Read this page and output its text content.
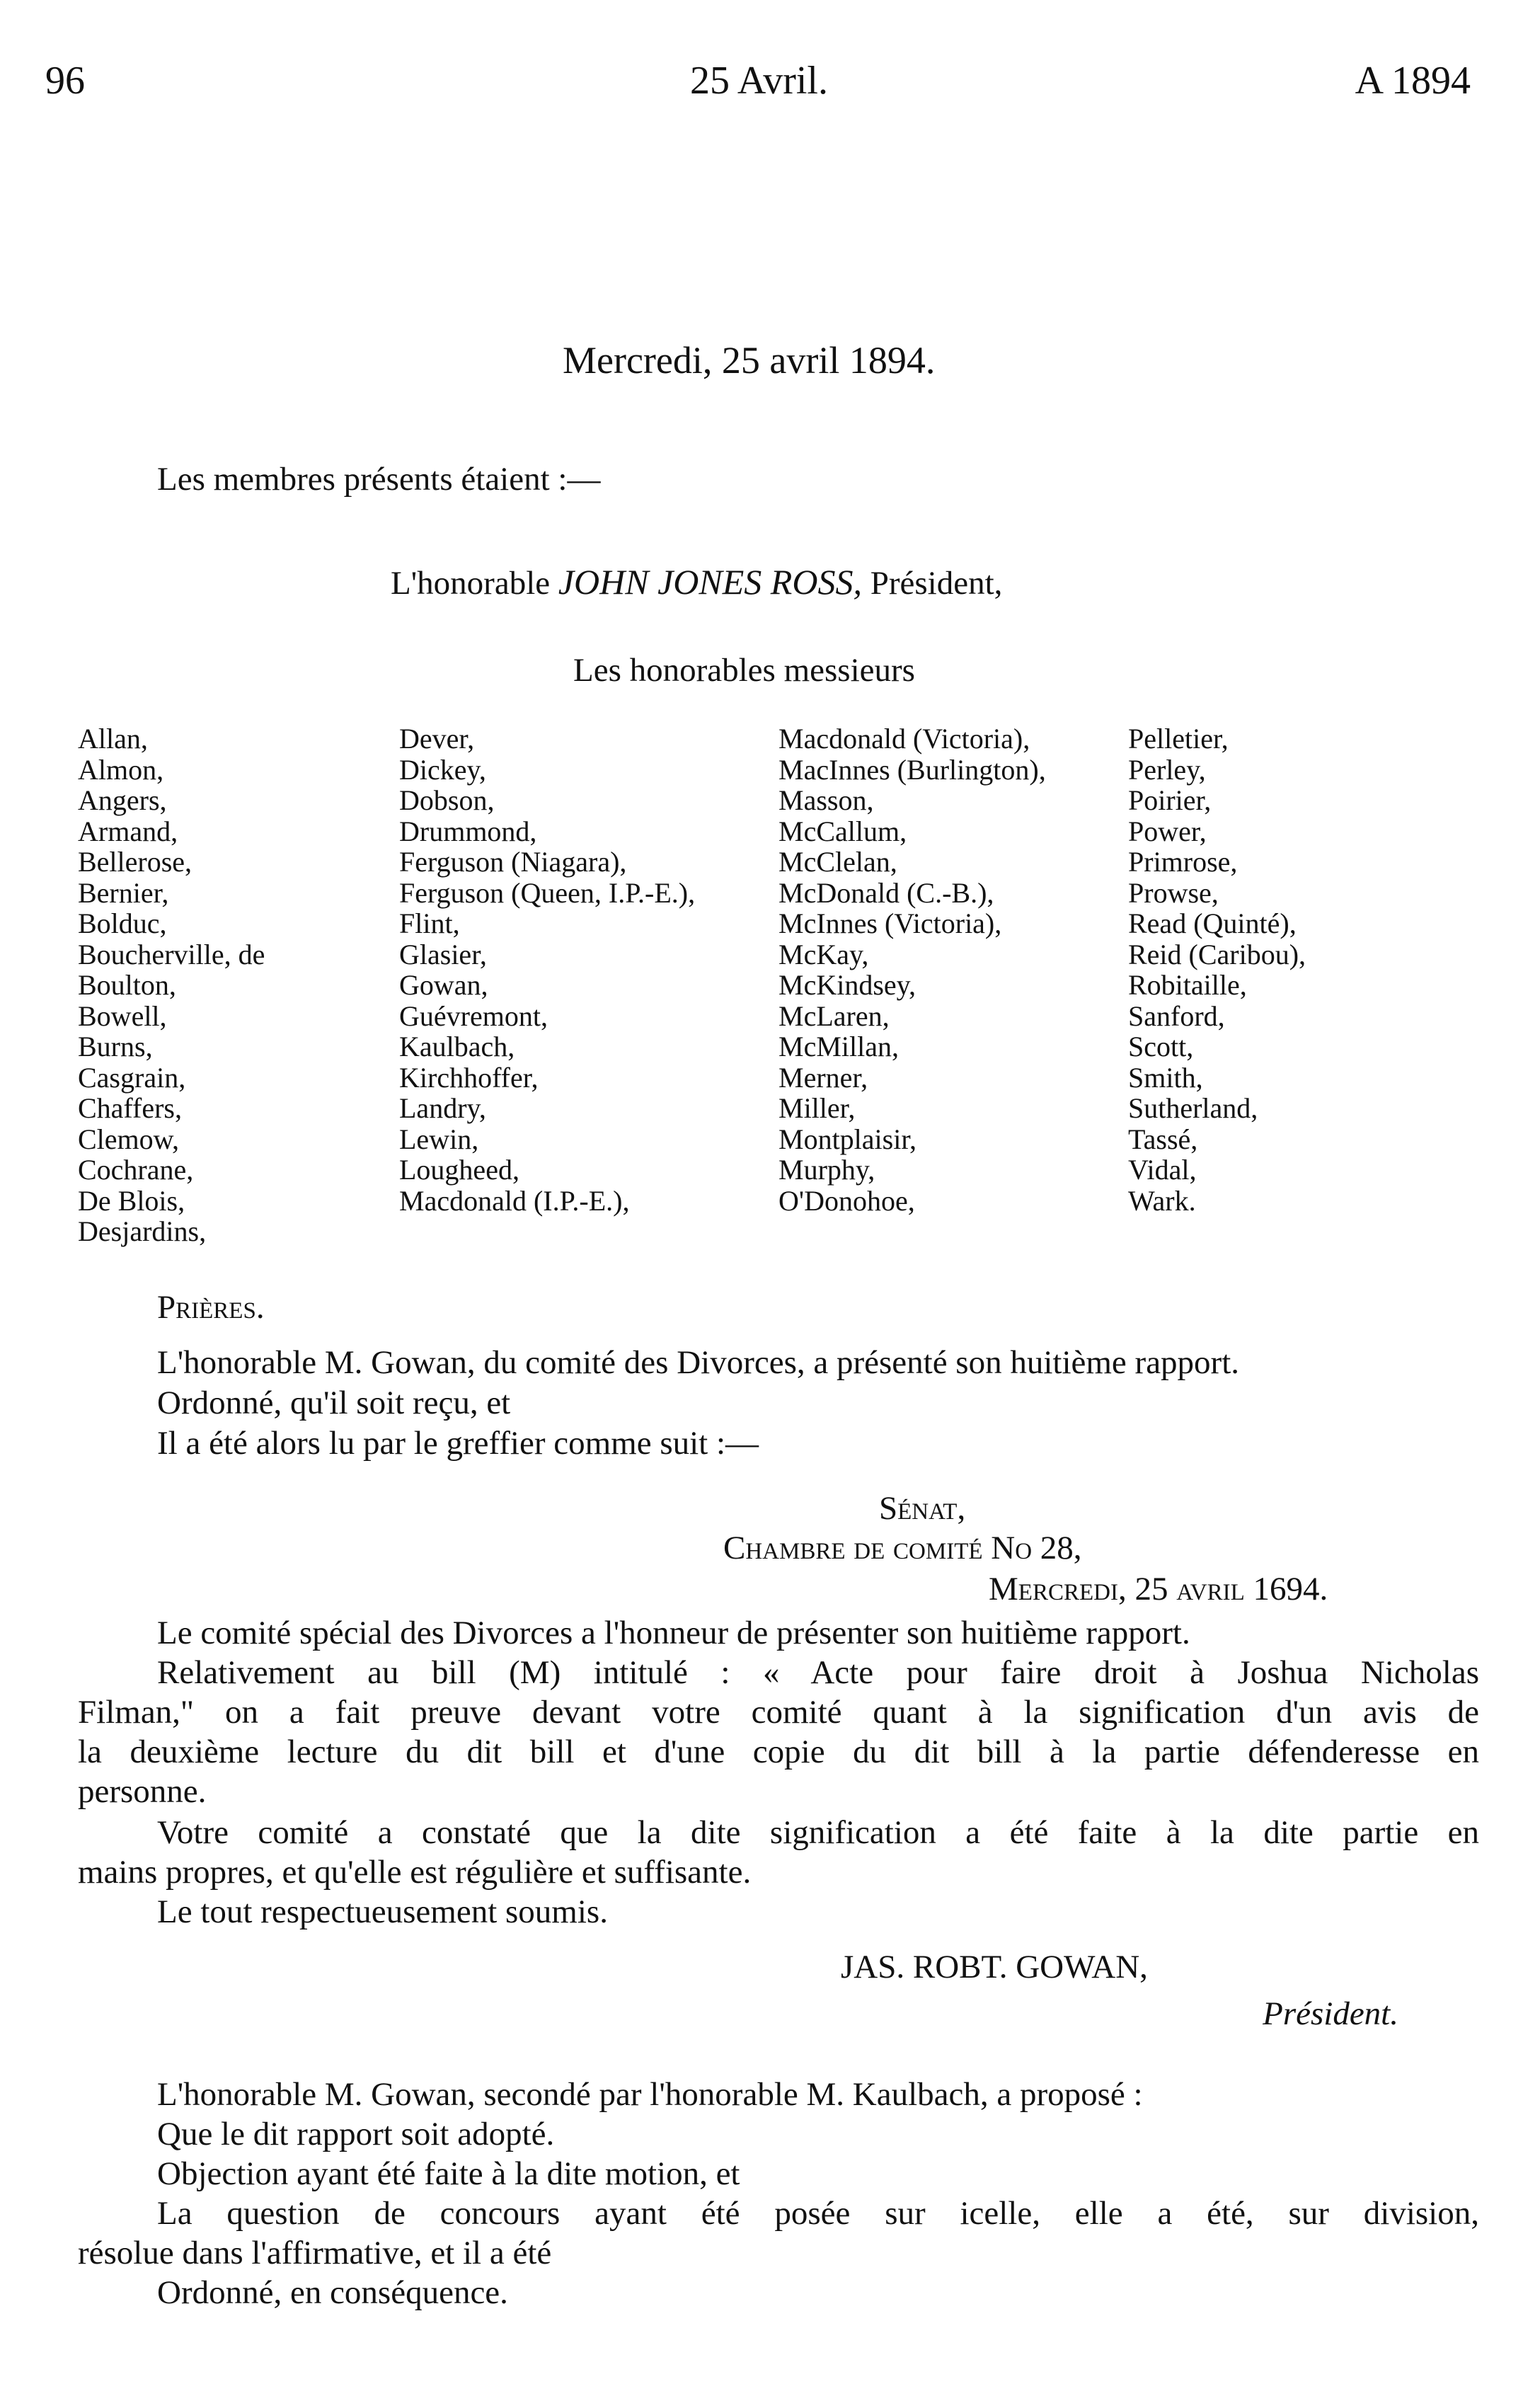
96	25 Avril.	A 1894
Mercredi, 25 avril 1894.
Les membres présents étaient :—
L'honorable JOHN JONES ROSS, Président,
Les honorables messieurs
Allan,
Almon,
Angers,
Armand,
Bellerose,
Bernier,
Bolduc,
Boucherville, de
Boulton,
Bowell,
Burns,
Casgrain,
Chaffers,
Clemow,
Cochrane,
De Blois,
Desjardins,
Dever,
Dickey,
Dobson,
Drummond,
Ferguson (Niagara),
Ferguson (Queen, I.P.-E.),
Flint,
Glasier,
Gowan,
Guévremont,
Kaulbach,
Kirchhoffer,
Landry,
Lewin,
Lougheed,
Macdonald (I.P.-E.),
Macdonald (Victoria),
MacInnes (Burlington),
Masson,
McCallum,
McClelan,
McDonald (C.-B.),
McInnes (Victoria),
McKay,
McKindsey,
McLaren,
McMillan,
Merner,
Miller,
Montplaisir,
Murphy,
O'Donohoe,
Pelletier,
Perley,
Poirier,
Power,
Primrose,
Prowse,
Read (Quinté),
Reid (Caribou),
Robitaille,
Sanford,
Scott,
Smith,
Sutherland,
Tassé,
Vidal,
Wark.
Prières.
L'honorable M. Gowan, du comité des Divorces, a présenté son huitième rapport.
Ordonné, qu'il soit reçu, et
Il a été alors lu par le greffier comme suit :—
Sénat,
Chambre de comité No 28,
Mercredi, 25 avril 1694.
Le comité spécial des Divorces a l'honneur de présenter son huitième rapport.
Relativement au bill (M) intitulé : « Acte pour faire droit à Joshua Nicholas
Filman," on a fait preuve devant votre comité quant à la signification d'un avis de
la deuxième lecture du dit bill et d'une copie du dit bill à la partie défenderesse en
personne.
Votre comité a constaté que la dite signification a été faite à la dite partie en
mains propres, et qu'elle est régulière et suffisante.
Le tout respectueusement soumis.
JAS. ROBT. GOWAN,
Président.
L'honorable M. Gowan, secondé par l'honorable M. Kaulbach, a proposé :
Que le dit rapport soit adopté.
Objection ayant été faite à la dite motion, et
La question de concours ayant été posée sur icelle, elle a été, sur division,
résolue dans l'affirmative, et il a été
Ordonné, en conséquence.
